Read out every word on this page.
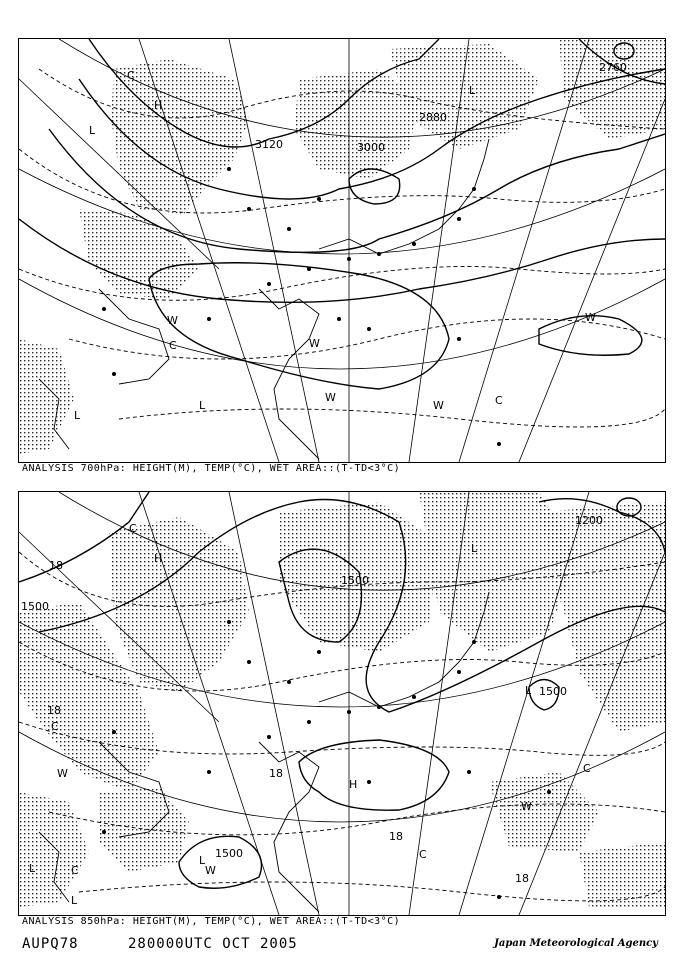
3120	3000
2880
2760
H
L
L
L
L
W
W
W
W
W
C
C
C
ANALYSIS 700hPa: HEIGHT(M), TEMP(°C), WET AREA::(T-TD<3°C)
1500
1500
1500
1500
1200
18
18
18
18
18
H
H
L
L
L
L
L
C
C
C
C
C
W
W
W
ANALYSIS 850hPa: HEIGHT(M), TEMP(°C), WET AREA::(T-TD<3°C)
AUPQ78	280000UTC OCT 2005	Japan Meteorological Agency
